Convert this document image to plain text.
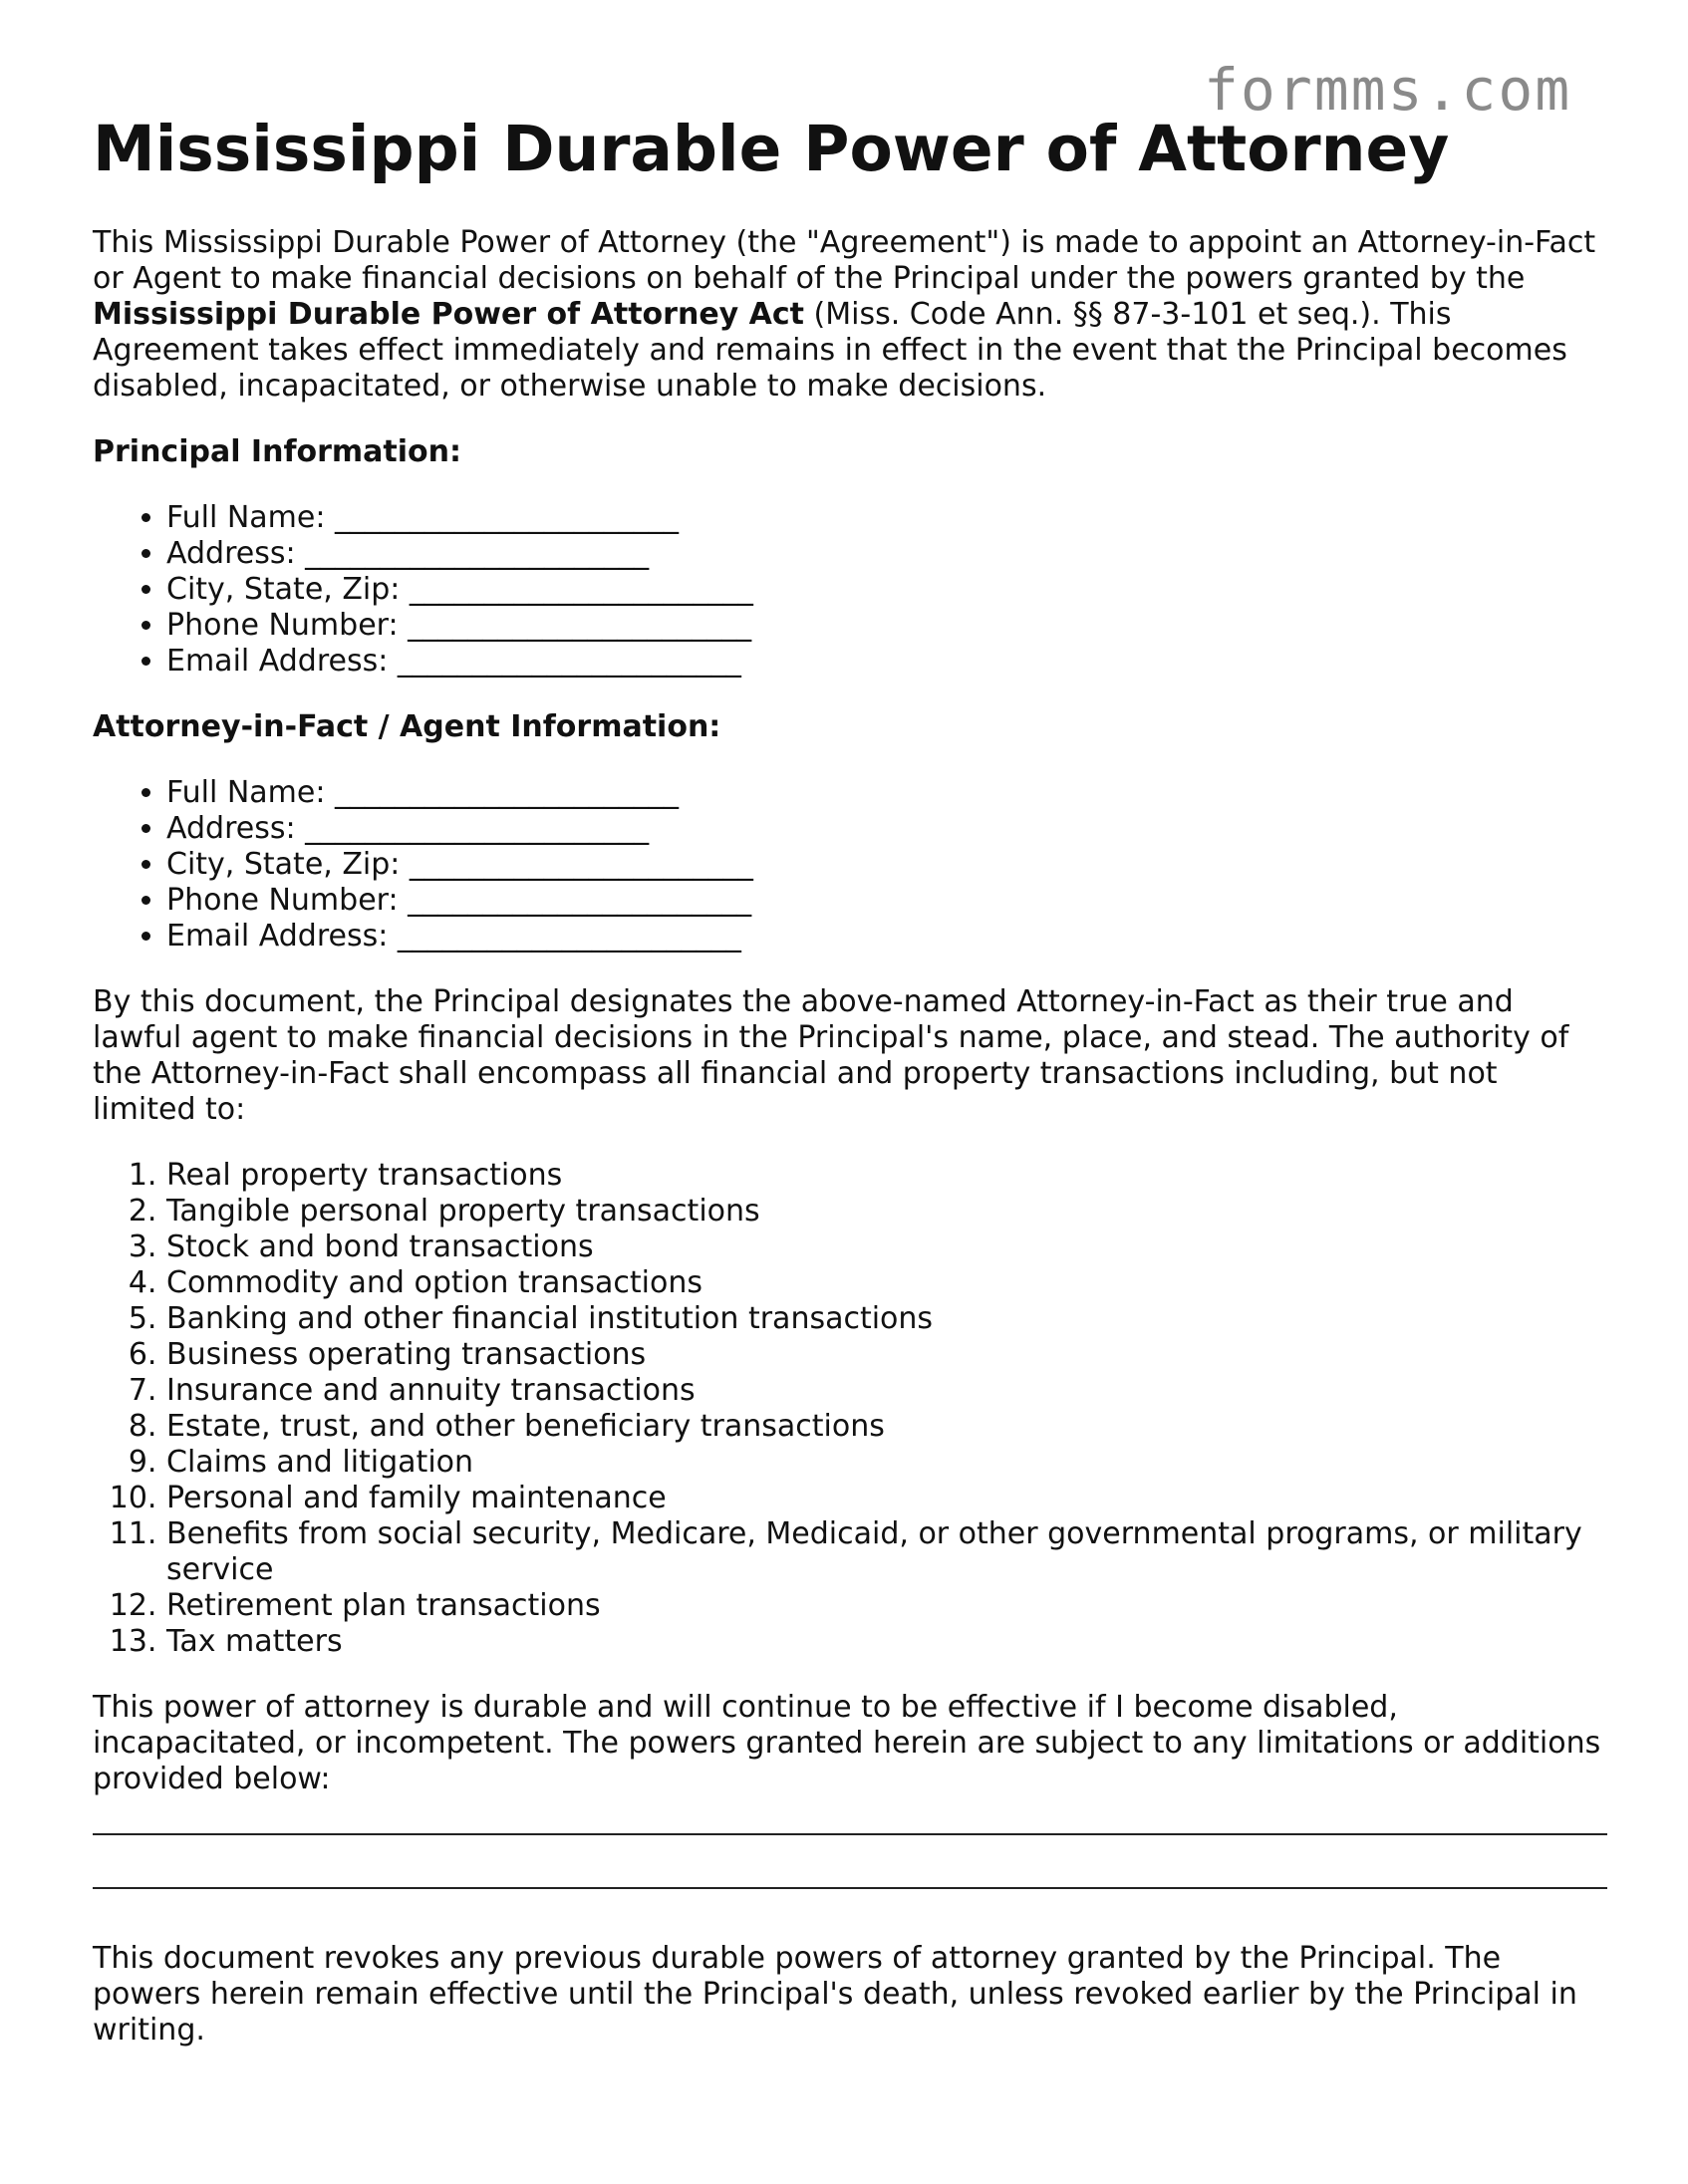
formms.com
Mississippi Durable Power of Attorney

This Mississippi Durable Power of Attorney (the "Agreement") is made to appoint an Attorney-in-Fact or Agent to make financial decisions on behalf of the Principal under the powers granted by the Mississippi Durable Power of Attorney Act (Miss. Code Ann. §§ 87-3-101 et seq.). This Agreement takes effect immediately and remains in effect in the event that the Principal becomes disabled, incapacitated, or otherwise unable to make decisions.

Principal Information:
• Full Name: _______________________
• Address: _______________________
• City, State, Zip: _______________________
• Phone Number: _______________________
• Email Address: _______________________
Attorney-in-Fact / Agent Information:
• Full Name: _______________________
• Address: _______________________
• City, State, Zip: _______________________
• Phone Number: _______________________
• Email Address: _______________________

By this document, the Principal designates the above-named Attorney-in-Fact as their true and lawful agent to make financial decisions in the Principal's name, place, and stead. The authority of the Attorney-in-Fact shall encompass all financial and property transactions including, but not limited to:

1. Real property transactions
2. Tangible personal property transactions
3. Stock and bond transactions
4. Commodity and option transactions
5. Banking and other financial institution transactions
6. Business operating transactions
7. Insurance and annuity transactions
8. Estate, trust, and other beneficiary transactions
9. Claims and litigation
10. Personal and family maintenance
11. Benefits from social security, Medicare, Medicaid, or other governmental programs, or military service
12. Retirement plan transactions
13. Tax matters

This power of attorney is durable and will continue to be effective if I become disabled, incapacitated, or incompetent. The powers granted herein are subject to any limitations or additions provided below:

This document revokes any previous durable powers of attorney granted by the Principal. The powers herein remain effective until the Principal's death, unless revoked earlier by the Principal in writing.
